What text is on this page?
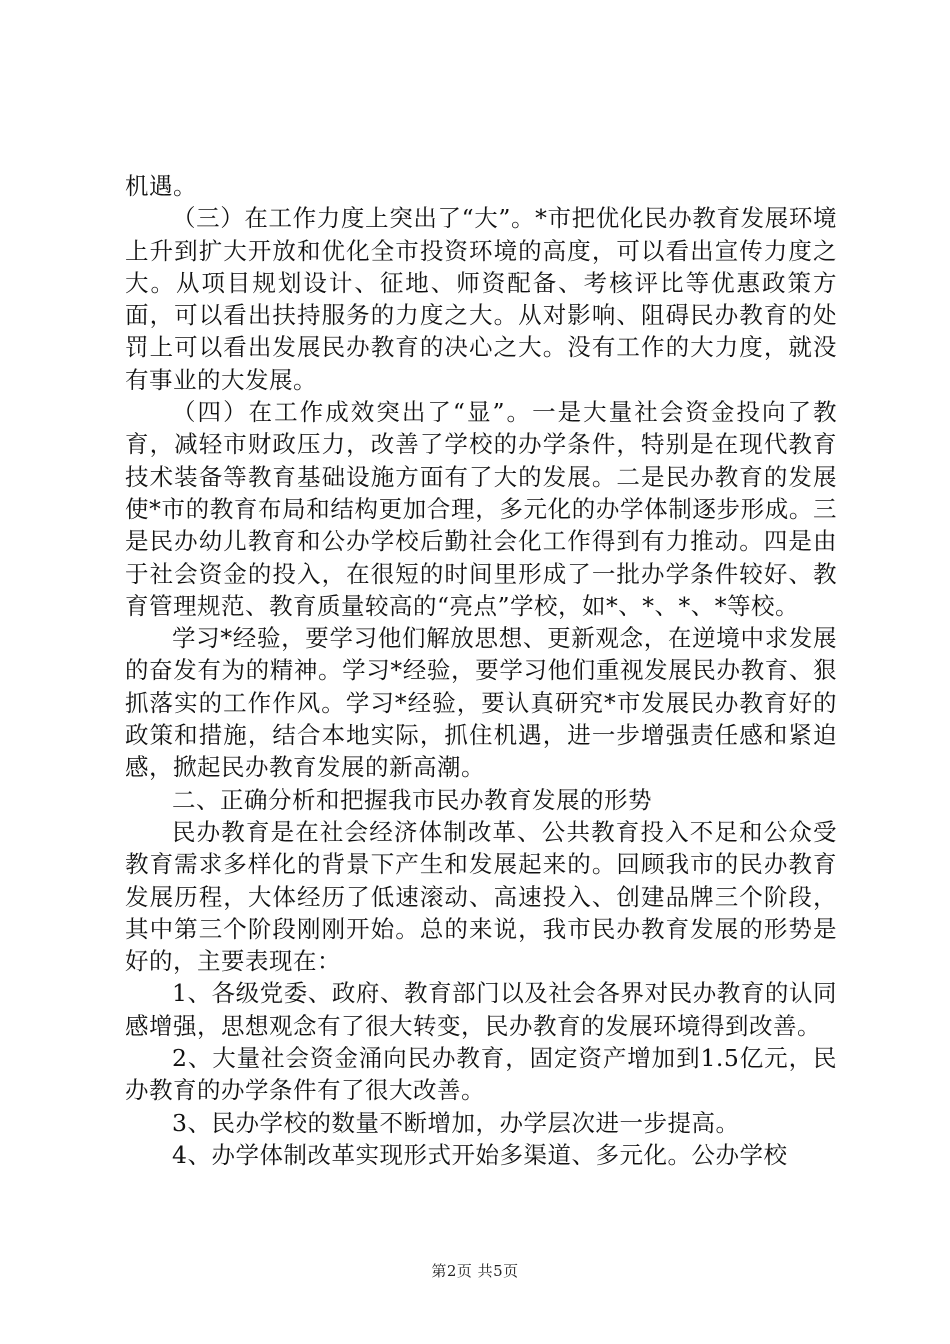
机遇。

（三）在工作力度上突出了“大”。*市把优化民办教育发展环境上升到扩大开放和优化全市投资环境的高度，可以看出宣传力度之大。从项目规划设计、征地、师资配备、考核评比等优惠政策方面，可以看出扶持服务的力度之大。从对影响、阻碍民办教育的处罚上可以看出发展民办教育的决心之大。没有工作的大力度，就没有事业的大发展。

（四）在工作成效突出了“显”。一是大量社会资金投向了教育，减轻市财政压力，改善了学校的办学条件，特别是在现代教育技术装备等教育基础设施方面有了大的发展。二是民办教育的发展使*市的教育布局和结构更加合理，多元化的办学体制逐步形成。三是民办幼儿教育和公办学校后勤社会化工作得到有力推动。四是由于社会资金的投入，在很短的时间里形成了一批办学条件较好、教育管理规范、教育质量较高的“亮点”学校，如*、*、*、*等校。

学习*经验，要学习他们解放思想、更新观念，在逆境中求发展的奋发有为的精神。学习*经验，要学习他们重视发展民办教育、狠抓落实的工作作风。学习*经验，要认真研究*市发展民办教育好的政策和措施，结合本地实际，抓住机遇，进一步增强责任感和紧迫感，掀起民办教育发展的新高潮。

二、正确分析和把握我市民办教育发展的形势

民办教育是在社会经济体制改革、公共教育投入不足和公众受教育需求多样化的背景下产生和发展起来的。回顾我市的民办教育发展历程，大体经历了低速滚动、高速投入、创建品牌三个阶段，其中第三个阶段刚刚开始。总的来说，我市民办教育发展的形势是好的，主要表现在：

1、各级党委、政府、教育部门以及社会各界对民办教育的认同感增强，思想观念有了很大转变，民办教育的发展环境得到改善。

2、大量社会资金涌向民办教育，固定资产增加到1.5亿元，民办教育的办学条件有了很大改善。

3、民办学校的数量不断增加，办学层次进一步提高。

4、办学体制改革实现形式开始多渠道、多元化。公办学校

第2页 共5页
